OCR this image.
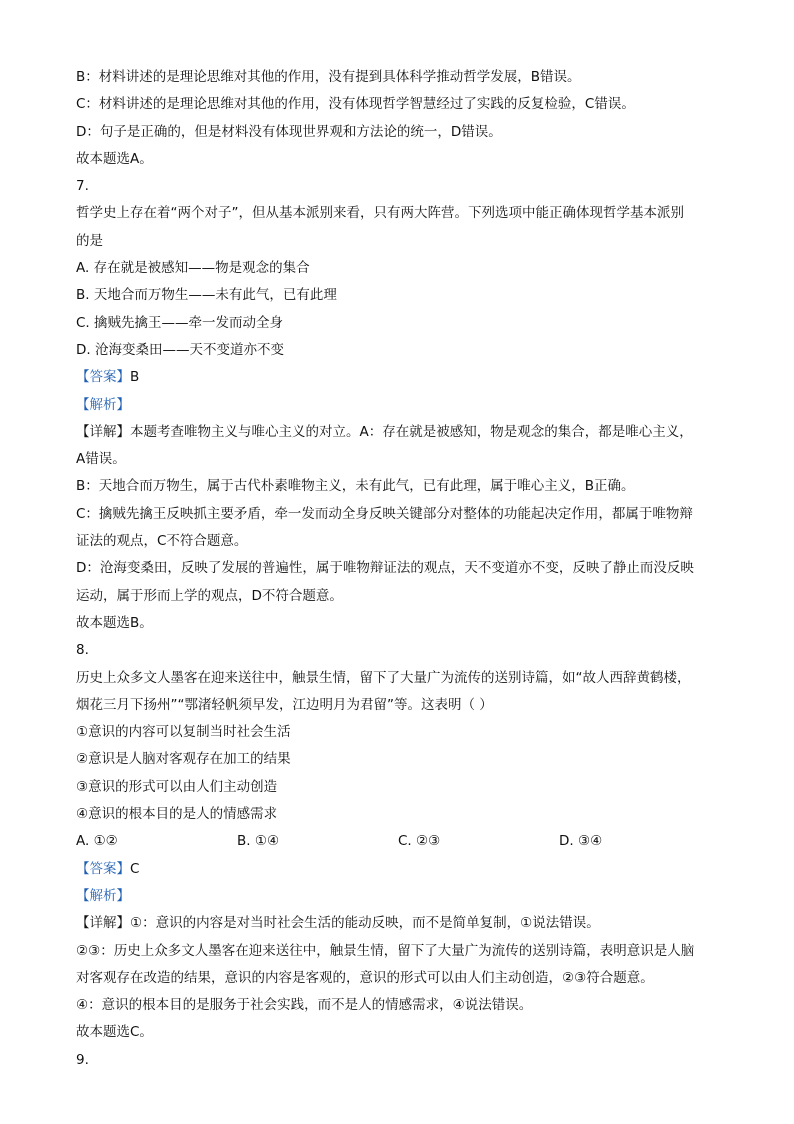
B：材料讲述的是理论思维对其他的作用，没有提到具体科学推动哲学发展，B错误。
C：材料讲述的是理论思维对其他的作用，没有体现哲学智慧经过了实践的反复检验，C错误。
D：句子是正确的，但是材料没有体现世界观和方法论的统一，D错误。
故本题选A。
7.
哲学史上存在着“两个对子”，但从基本派别来看，只有两大阵营。下列选项中能正确体现哲学基本派别
的是
A. 存在就是被感知——物是观念的集合
B. 天地合而万物生——未有此气，已有此理
C. 擒贼先擒王——牵一发而动全身
D. 沧海变桑田——天不变道亦不变
【答案】B
【解析】
【详解】本题考查唯物主义与唯心主义的对立。A：存在就是被感知，物是观念的集合，都是唯心主义，
A错误。
B：天地合而万物生，属于古代朴素唯物主义，未有此气，已有此理，属于唯心主义，B正确。
C：擒贼先擒王反映抓主要矛盾，牵一发而动全身反映关键部分对整体的功能起决定作用，都属于唯物辩
证法的观点，C不符合题意。
D：沧海变桑田，反映了发展的普遍性，属于唯物辩证法的观点，天不变道亦不变，反映了静止而没反映
运动，属于形而上学的观点，D不符合题意。
故本题选B。
8.
历史上众多文人墨客在迎来送往中，触景生情，留下了大量广为流传的送别诗篇，如“故人西辞黄鹤楼，
烟花三月下扬州”“鄂渚轻帆须早发，江边明月为君留”等。这表明（ ）
①意识的内容可以复制当时社会生活
②意识是人脑对客观存在加工的结果
③意识的形式可以由人们主动创造
④意识的根本目的是人的情感需求
A. ①②	B. ①④	C. ②③	D. ③④
【答案】C
【解析】
【详解】①：意识的内容是对当时社会生活的能动反映，而不是简单复制，①说法错误。
②③：历史上众多文人墨客在迎来送往中，触景生情，留下了大量广为流传的送别诗篇，表明意识是人脑
对客观存在改造的结果，意识的内容是客观的，意识的形式可以由人们主动创造，②③符合题意。
④：意识的根本目的是服务于社会实践，而不是人的情感需求，④说法错误。
故本题选C。
9.
